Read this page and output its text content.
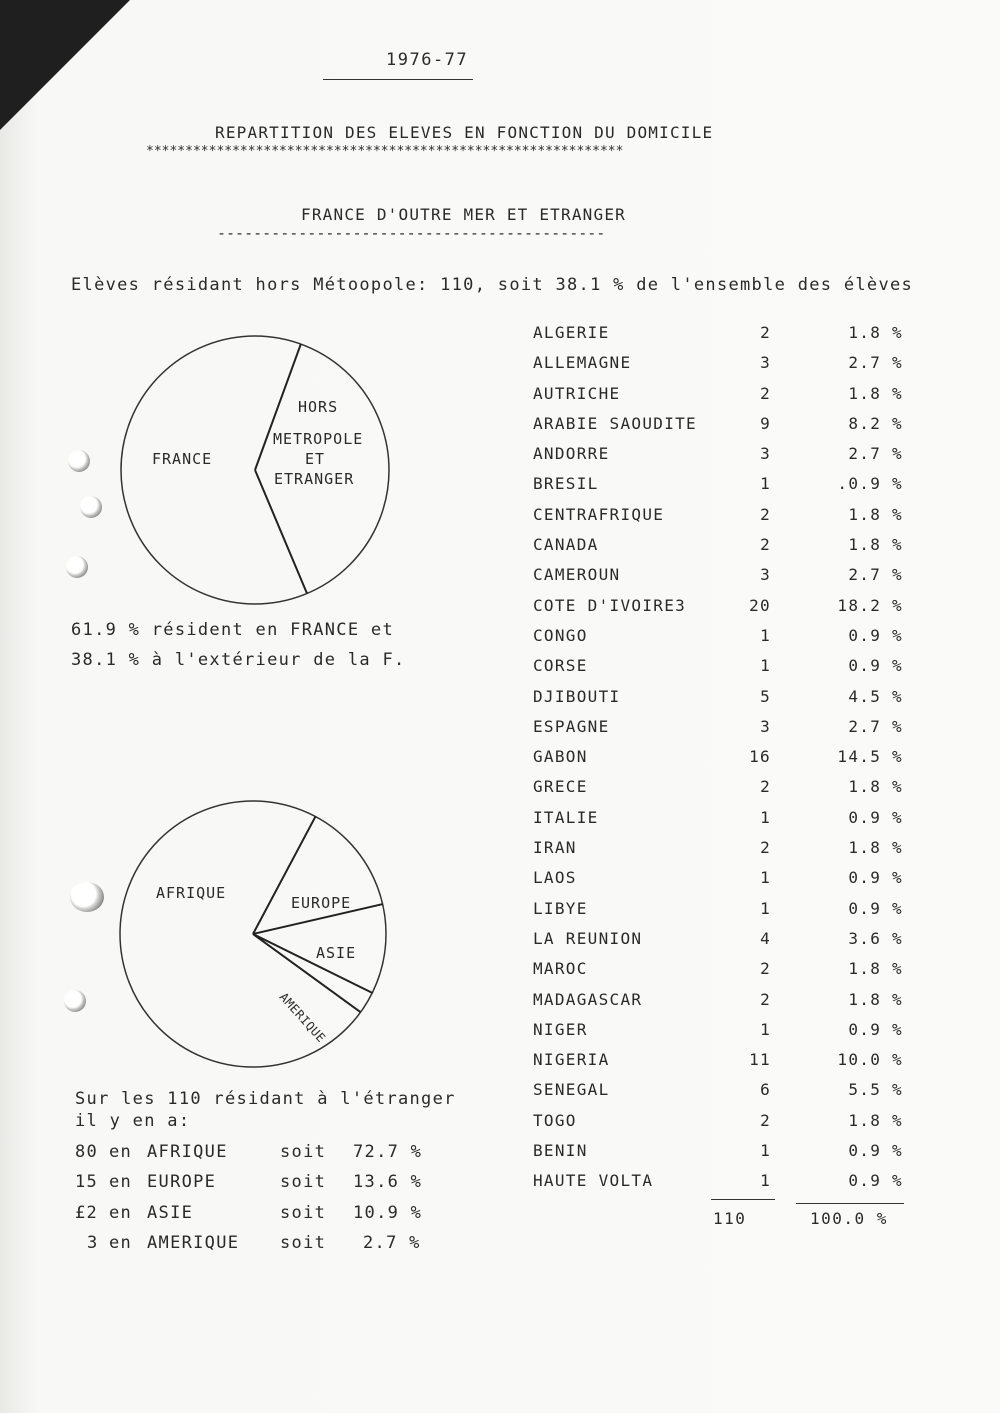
1976-77
REPARTITION DES ELEVES EN FONCTION DU DOMICILE
*************************************************************
FRANCE D'OUTRE MER ET ETRANGER
-------------------------------------------
Elèves résidant hors Métoopole: 110, soit 38.1 % de l'ensemble des élèves
FRANCE
HORS
METROPOLE
ET
ETRANGER
61.9 % résident en FRANCE et
38.1 % à l'extérieur de la F.
AFRIQUE
EUROPE
ASIE
AMERIQUE
Sur les 110 résidant à l'étranger
il y en a:
80 en AFRIQUE	soit 72.7 %
15 en EUROPE	soit 13.6 %
£2 en ASIE	soit 10.9 %
3 en AMERIQUE soit 2.7 %
ALGERIE	2	1.8 %
ALLEMAGNE	3	2.7 %
AUTRICHE	2	1.8 %
ARABIE SAOUDITE	9	8.2 %
ANDORRE	3	2.7 %
BRESIL	1	.0.9 %
CENTRAFRIQUE	2	1.8 %
CANADA	2	1.8 %
CAMEROUN	3	2.7 %
COTE D'IVOIRE3	20	18.2 %
CONGO	1	0.9 %
CORSE	1	0.9 %
DJIBOUTI	5	4.5 %
ESPAGNE	3	2.7 %
GABON	16	14.5 %
GRECE	2	1.8 %
ITALIE	1	0.9 %
IRAN	2	1.8 %
LAOS	1	0.9 %
LIBYE	1	0.9 %
LA REUNION	4	3.6 %
MAROC	2	1.8 %
MADAGASCAR	2	1.8 %
NIGER	1	0.9 %
NIGERIA	11	10.0 %
SENEGAL	6	5.5 %
TOGO	2	1.8 %
BENIN	1	0.9 %
HAUTE VOLTA	1	0.9 %
110	100.0 %
